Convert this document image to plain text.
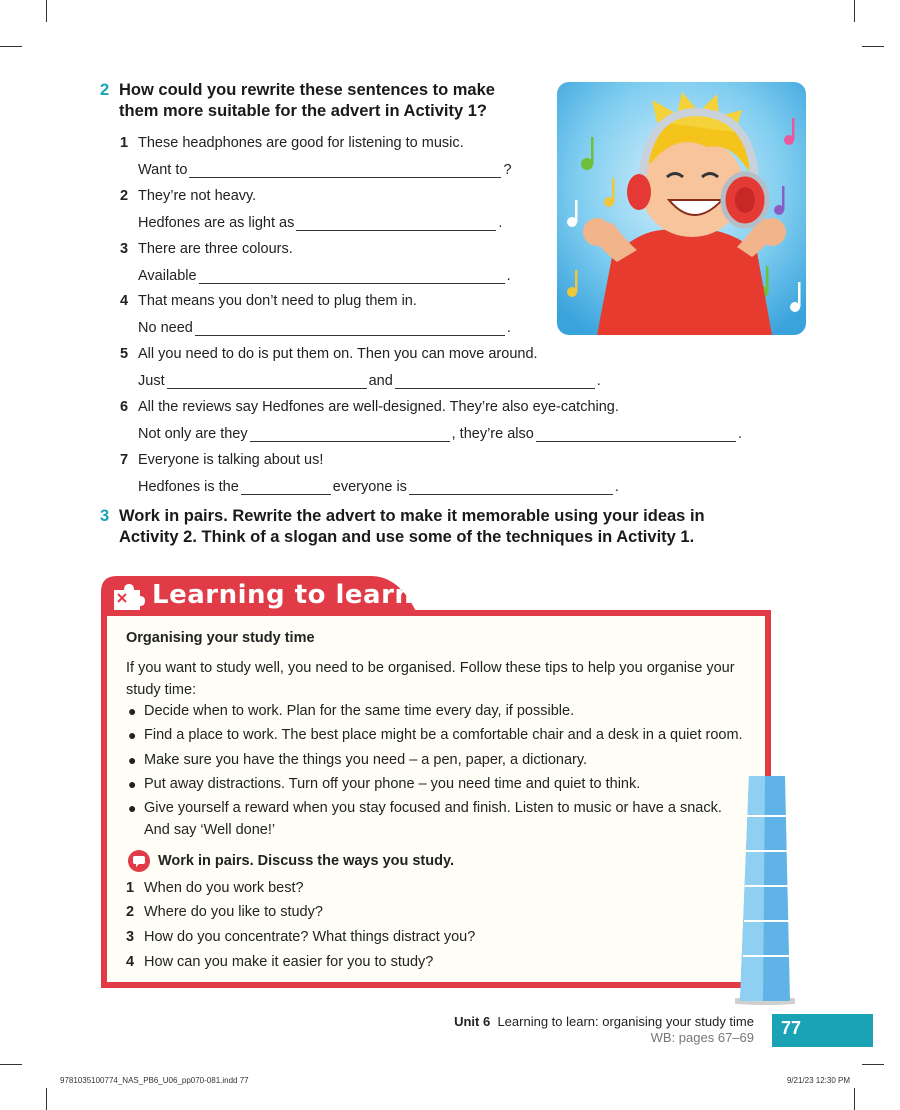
2 How could you rewrite these sentences to make
them more suitable for the advert in Activity 1?
1 These headphones are good for listening to music.
Want to	?
2 They’re not heavy.
Hedfones are as light as	.
3 There are three colours.
Available	.
4 That means you don’t need to plug them in.
No need	.
5 All you need to do is put them on. Then you can move around.
Just	and	.
6 All the reviews say Hedfones are well-designed. They’re also eye-catching.
Not only are they	, they’re also	.
7 Everyone is talking about us!
Hedfones is the	everyone is	.
3 Work in pairs. Rewrite the advert to make it memorable using your ideas in
Activity 2. Think of a slogan and use some of the techniques in Activity 1.
Learning to learn
Organising your study time
If you want to study well, you need to be organised. Follow these tips to help you organise your study time:
● Decide when to work. Plan for the same time every day, if possible.
● Find a place to work. The best place might be a comfortable chair and a desk in a quiet room.
● Make sure you have the things you need – a pen, paper, a dictionary.
● Put away distractions. Turn off your phone – you need time and quiet to think.
● Give yourself a reward when you stay focused and finish. Listen to music or have a snack. And say ‘Well done!’
Work in pairs. Discuss the ways you study.
1 When do you work best?
2 Where do you like to study?
3 How do you concentrate? What things distract you?
4 How can you make it easier for you to study?
Unit 6 Learning to learn: organising your study time
WB: pages 67–69	77
9781035100774_NAS_PB6_U06_pp070-081.indd 77	9/21/23 12:30 PM
